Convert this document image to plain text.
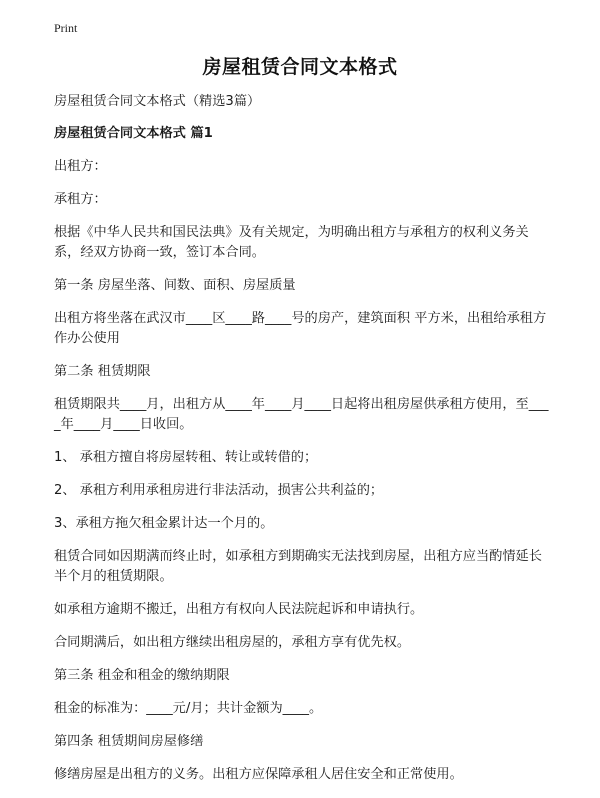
Print
房屋租赁合同文本格式

房屋租赁合同文本格式（精选3篇）

房屋租赁合同文本格式 篇1

出租方：

承租方：

根据《中华人民共和国民法典》及有关规定，为明确出租方与承租方的权利义务关系，经双方协商一致，签订本合同。

第一条 房屋坐落、间数、面积、房屋质量

出租方将坐落在武汉市____区____路____号的房产，建筑面积 平方米，出租给承租方作办公使用

第二条 租赁期限

租赁期限共____月，出租方从____年____月____日起将出租房屋供承租方使用，至____年____月____日收回。

1、 承租方擅自将房屋转租、转让或转借的；

2、 承租方利用承租房进行非法活动，损害公共利益的；

3、承租方拖欠租金累计达一个月的。

租赁合同如因期满而终止时，如承租方到期确实无法找到房屋，出租方应当酌情延长半个月的租赁期限。

如承租方逾期不搬迁，出租方有权向人民法院起诉和申请执行。

合同期满后，如出租方继续出租房屋的，承租方享有优先权。

第三条 租金和租金的缴纳期限

租金的标准为：____元/月；共计金额为____。

第四条 租赁期间房屋修缮

修缮房屋是出租方的义务。出租方应保障承租人居住安全和正常使用。
